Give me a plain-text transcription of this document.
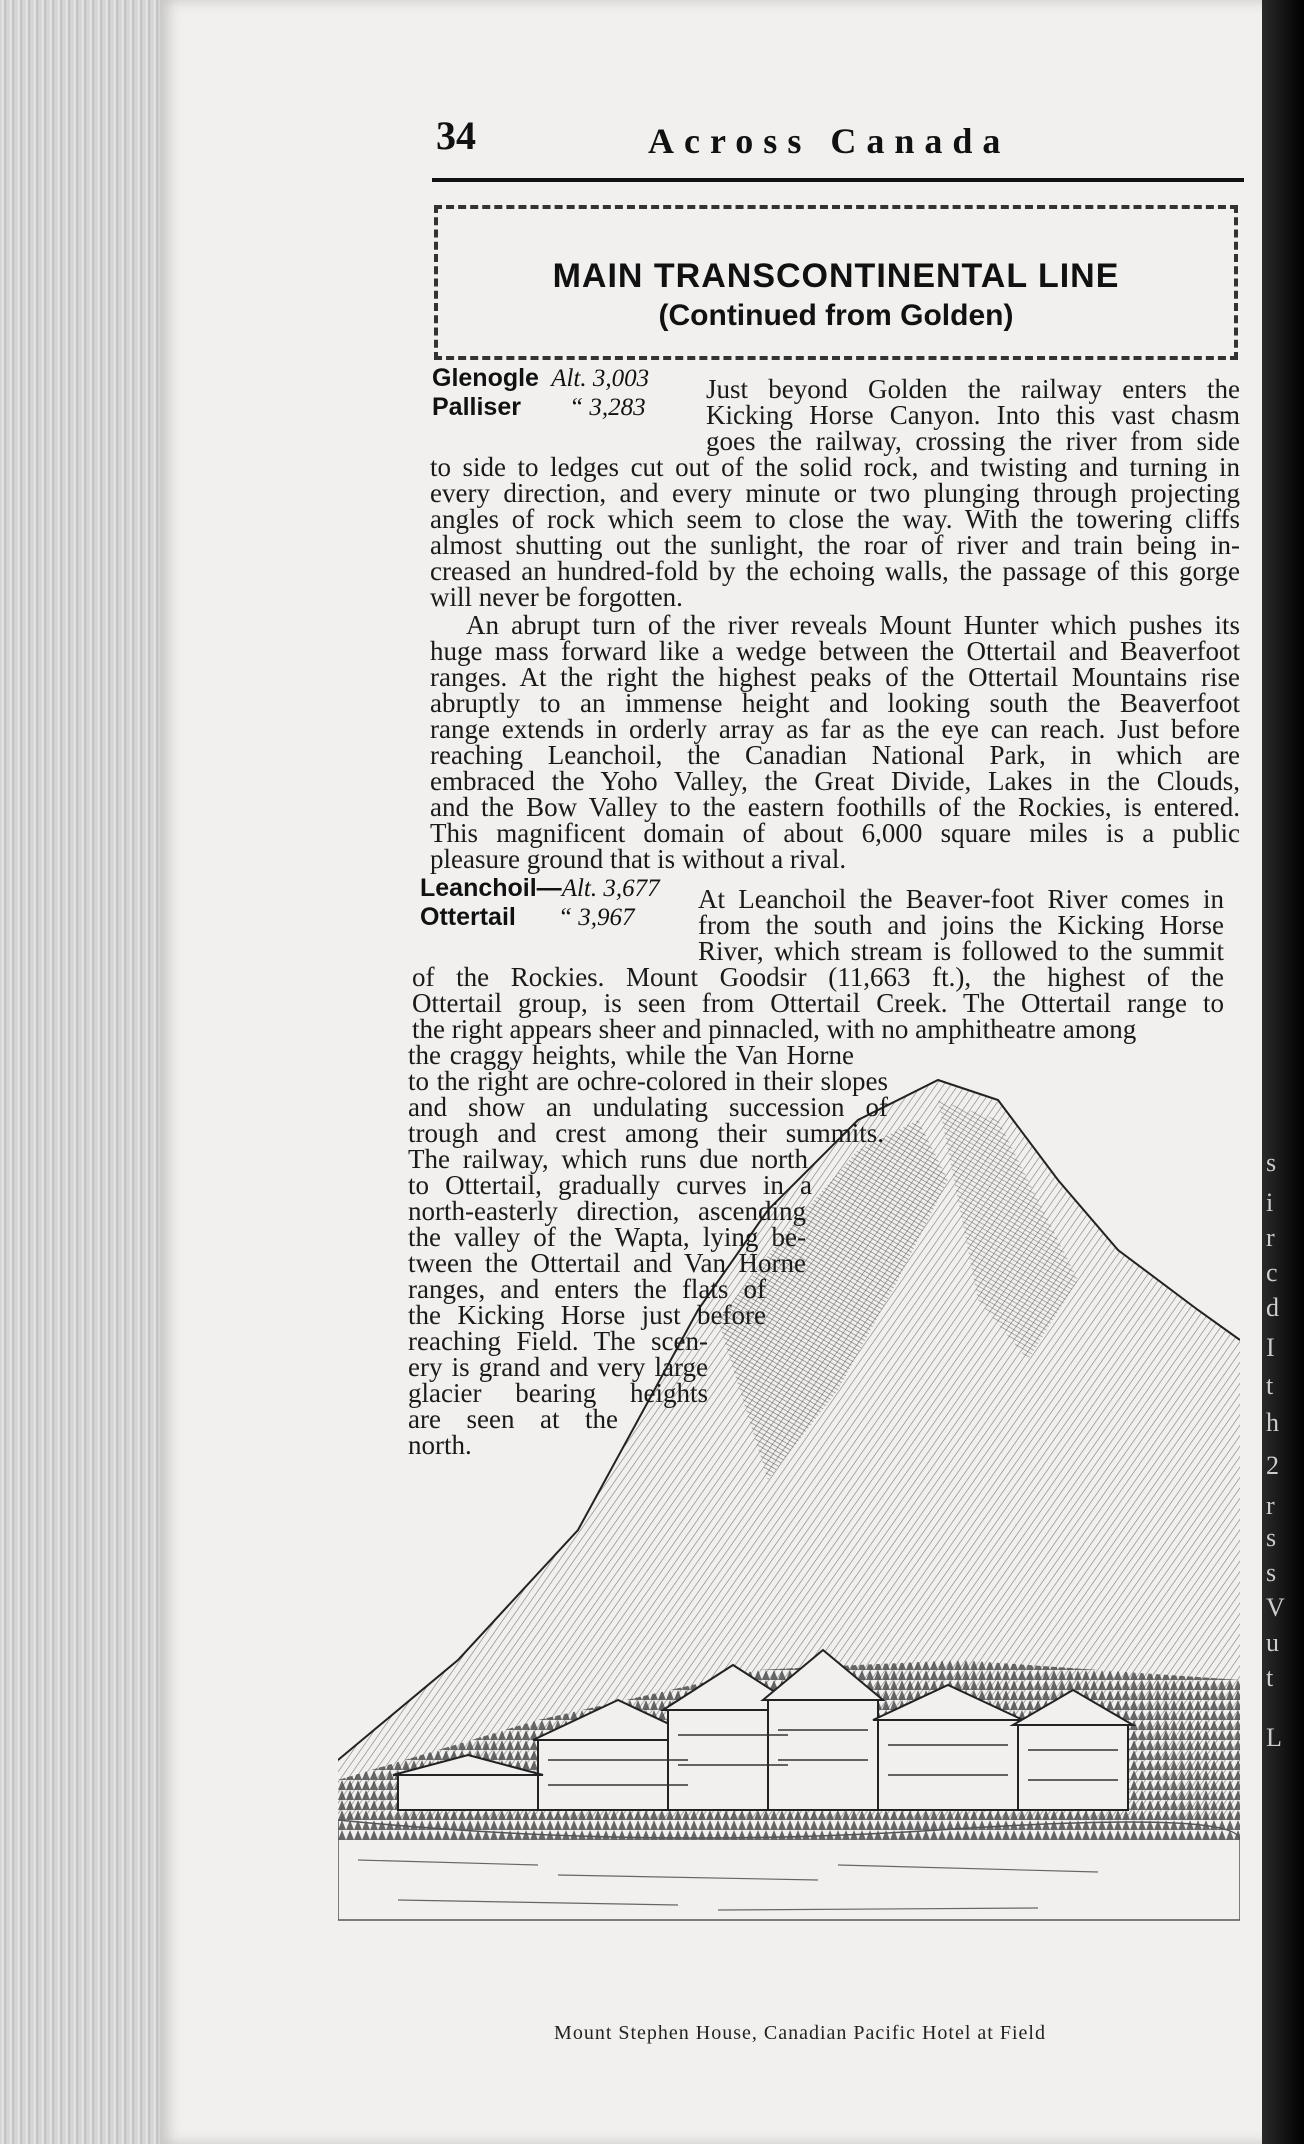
s
i
r
c
d
I
t
h
2
r
s
s
V
u
t
L
34	Across Canada
MAIN TRANSCONTINENTAL LINE
(Continued from Golden)
Glenogle Alt. 3,003
Palliser “ 3,283
Just beyond Golden the railway enters the
Kicking Horse Canyon. Into this vast chasm
goes the railway, crossing the river from side
to side to ledges cut out of the solid rock, and twisting and turning in
every direction, and every minute or two plunging through projecting
angles of rock which seem to close the way. With the towering cliffs
almost shutting out the sunlight, the roar of river and train being in-
creased an hundred-fold by the echoing walls, the passage of this gorge
will never be forgotten.
An abrupt turn of the river reveals Mount Hunter which pushes its
huge mass forward like a wedge between the Ottertail and Beaverfoot
ranges. At the right the highest peaks of the Ottertail Mountains rise
abruptly to an immense height and looking south the Beaverfoot
range extends in orderly array as far as the eye can reach. Just before
reaching Leanchoil, the Canadian National Park, in which are
embraced the Yoho Valley, the Great Divide, Lakes in the Clouds,
and the Bow Valley to the eastern foothills of the Rockies, is entered.
This magnificent domain of about 6,000 square miles is a public
pleasure ground that is without a rival.
Leanchoil—Alt. 3,677
Ottertail “ 3,967
At Leanchoil the Beaver-foot River comes in
from the south and joins the Kicking Horse
River, which stream is followed to the summit
of the Rockies. Mount Goodsir (11,663 ft.), the highest of the
Ottertail group, is seen from Ottertail Creek. The Ottertail range to
the right appears sheer and pinnacled, with no amphitheatre among
the craggy heights, while the Van Horne
to the right are ochre-colored in their slopes
and show an undulating succession of
trough and crest among their summits.
The railway, which runs due north
to Ottertail, gradually curves in a
north-easterly direction, ascending
the valley of the Wapta, lying be-
tween the Ottertail and Van Horne
ranges, and enters the flats of
the Kicking Horse just before
reaching Field. The scen-
ery is grand and very large
glacier bearing heights
are seen at the
north.
Mount Stephen House, Canadian Pacific Hotel at Field
